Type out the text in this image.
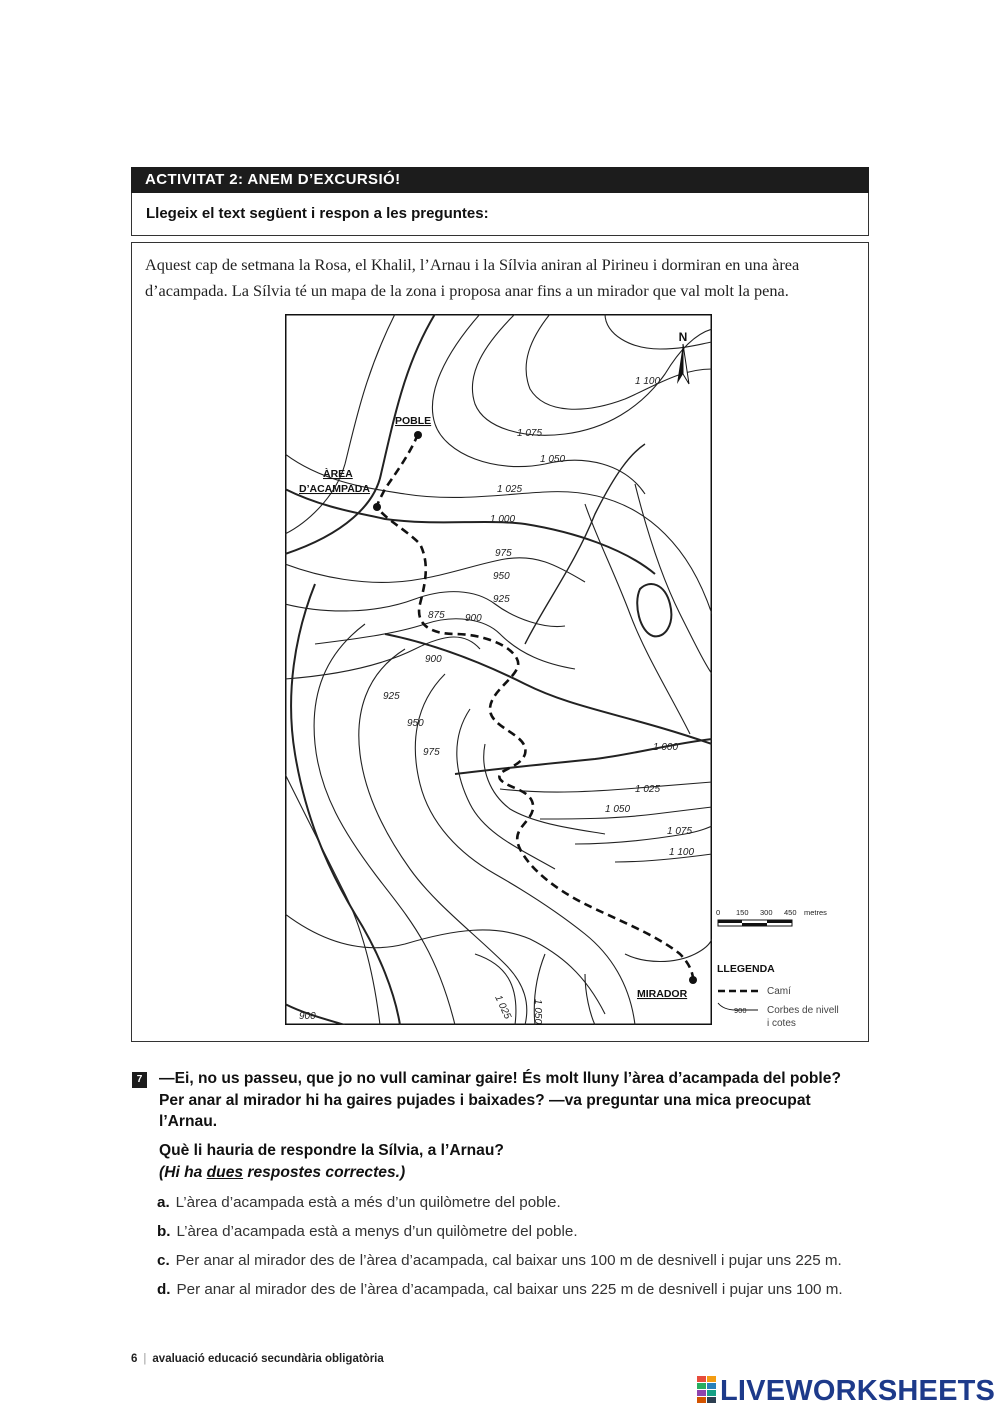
ACTIVITAT 2: ANEM D’EXCURSIÓ!
Llegeix el text següent i respon a les preguntes:
Aquest cap de setmana la Rosa, el Khalil, l’Arnau i la Sílvia aniran al Pirineu i dormiran en una àrea
d’acampada. La Sílvia té un mapa de la zona i proposa anar fins a un mirador que val molt la pena.
N
POBLE
ÀREA
D’ACAMPADA
MIRADOR
1 100
1 075
1 050
1 025
1 000
975
950
925
900
875
900
925
950
975	1 000
1 025
1 050
1 075
1 100
1 050
1 025
900
0 150 300 450 metres
LLEGENDA
Camí
900 Corbes de nivell
i cotes
7	—Ei, no us passeu, que jo no vull caminar gaire! És molt lluny l’àrea d’acampada del poble?
Per anar al mirador hi ha gaires pujades i baixades? —va preguntar una mica preocupat
l’Arnau.
Què li hauria de respondre la Sílvia, a l’Arnau?
(Hi ha dues respostes correctes.)
a. L’àrea d’acampada està a més d’un quilòmetre del poble.
b. L’àrea d’acampada està a menys d’un quilòmetre del poble.
c. Per anar al mirador des de l’àrea d’acampada, cal baixar uns 100 m de desnivell i pujar uns 225 m.
d. Per anar al mirador des de l’àrea d’acampada, cal baixar uns 225 m de desnivell i pujar uns 100 m.
6 | avaluació educació secundària obligatòria
LIVEWORKSHEETS
